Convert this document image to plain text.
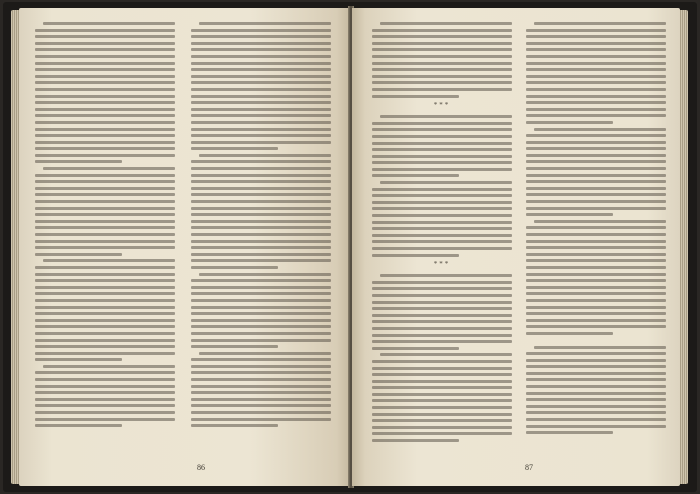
86
***
***
87
